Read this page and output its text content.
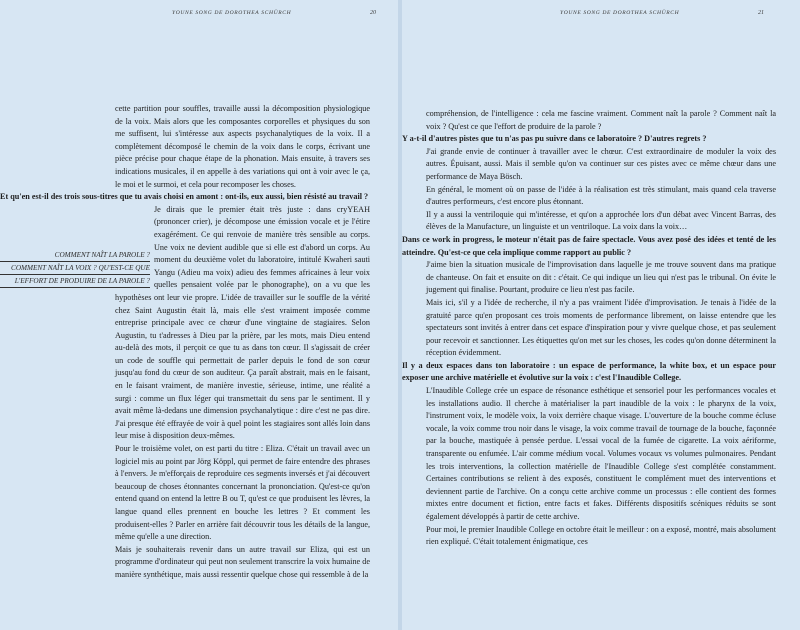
YOUNE SONG DE DOROTHEA SCHÜRCH	20

cette partition pour souffles, travaille aussi la décomposition physiologique de la voix. Mais alors que les composantes corporelles et physiques du son me suffisent, lui s'intéresse aux aspects psychanalytiques de la voix. Il a complètement décomposé le chemin de la voix dans le corps, écrivant une pièce précise pour chaque étape de la phonation. Mais ensuite, à travers ses indications musicales, il en appelle à des variations qui ont à voir avec le ça, le moi et le surmoi, et cela pour recomposer les choses.

Et qu'en est-il des trois sous-titres que tu avais choisi en amont : ont-ils, eux aussi, bien résisté au travail ?

COMMENT NAÎT LA PAROLE ?
COMMENT NAÎT LA VOIX ? QU'EST-CE QUE
L'EFFORT DE PRODUIRE DE LA PAROLE ?

Je dirais que le premier était très juste : dans cryYEAH (prononcer crier), je décompose une émission vocale et je l'étire exagérément. Ce qui renvoie de manière très sensible au corps. Une voix ne devient audible que si elle est d'abord un corps. Au moment du deuxième volet du laboratoire, intitulé Kwaheri sauti Yangu (Adieu ma voix) adieu des femmes africaines à leur voix quelles pensaient volée par le phonographe), on a vu que les hypothèses ont leur vie propre. L'idée de travailler sur le souffle de la vérité chez Saint Augustin était là, mais elle s'est vraiment imposée comme entreprise principale avec ce chœur d'une vingtaine de stagiaires. Selon Augustin, tu t'adresses à Dieu par la prière, par les mots, mais Dieu entend au-delà des mots, il perçoit ce que tu as dans ton cœur. Il s'agissait de créer un code de souffle qui permettait de parler depuis le fond de son cœur jusqu'au fond du cœur de son auditeur. Ça paraît abstrait, mais en le faisant, en le faisant vraiment, de manière investie, sérieuse, intime, une réalité a surgi : comme un flux léger qui transmettait du sens par le sentiment. Il y avait même là-dedans une dimension psychanalytique : dire c'est ne pas dire. J'ai presque été effrayée de voir à quel point les stagiaires sont allés loin dans leur mise à disposition deux-mêmes.

Pour le troisième volet, on est parti du titre : Eliza. C'était un travail avec un logiciel mis au point par Jörg Köppl, qui permet de faire entendre des phrases à l'envers. Je m'efforçais de reproduire ces segments inversés et j'ai découvert beaucoup de choses étonnantes concernant la prononciation. Qu'est-ce qu'on entend quand on entend la lettre B ou T, qu'est ce que produisent les lèvres, la langue quand elles prennent en bouche les lettres ? Et comment les produisent-elles ? Parler en arrière fait découvrir tous les détails de la langue, même qu'elle a une direction.

Mais je souhaiterais revenir dans un autre travail sur Eliza, qui est un programme d'ordinateur qui peut non seulement transcrire la voix humaine de manière synthétique, mais aussi ressentir quelque chose qui ressemble à de la

YOUNE SONG DE DOROTHEA SCHÜRCH	21

compréhension, de l'intelligence : cela me fascine vraiment. Comment naît la parole ? Comment naît la voix ? Qu'est ce que l'effort de produire de la parole ?

Y a-t-il d'autres pistes que tu n'as pas pu suivre dans ce laboratoire ? D'autres regrets ?

J'ai grande envie de continuer à travailler avec le chœur. C'est extraordinaire de moduler la voix des autres. Épuisant, aussi. Mais il semble qu'on va continuer sur ces pistes avec ce même chœur dans une performance de Maya Bösch.

En général, le moment où on passe de l'idée à la réalisation est très stimulant, mais quand cela traverse d'autres performeurs, c'est encore plus étonnant.

Il y a aussi la ventriloquie qui m'intéresse, et qu'on a approchée lors d'un débat avec Vincent Barras, des élèves de la Manufacture, un linguiste et un ventriloque. La voix dans la voix…

Dans ce work in progress, le moteur n'était pas de faire spectacle. Vous avez posé des idées et tenté de les atteindre. Qu'est-ce que cela implique comme rapport au public ?

J'aime bien la situation musicale de l'improvisation dans laquelle je me trouve souvent dans ma pratique de chanteuse. On fait et ensuite on dit : c'était. Ce qui indique un lieu qui n'est pas le tribunal. On évite le jugement qui finalise. Pourtant, produire ce lieu n'est pas facile.

Mais ici, s'il y a l'idée de recherche, il n'y a pas vraiment l'idée d'improvisation. Je tenais à l'idée de la gratuité parce qu'en proposant ces trois moments de performance librement, on laisse entendre que les spectateurs sont invités à entrer dans cet espace d'inspiration pour y vivre quelque chose, et pas seulement pour recevoir et sanctionner. Les étiquettes qu'on met sur les choses, les codes qu'on donne déterminent la réception évidemment.

Il y a deux espaces dans ton laboratoire : un espace de performance, la white box, et un espace pour exposer une archive matérielle et évolutive sur la voix : c'est l'Inaudible College.

L'Inaudible College crée un espace de résonance esthétique et sensoriel pour les performances vocales et les installations audio. Il cherche à matérialiser la part inaudible de la voix : le pharynx de la voix, l'instrument voix, le modèle voix, la voix derrière chaque visage. L'ouverture de la bouche comme écluse vocale, la voix comme trou noir dans le visage, la voix comme travail de tournage de la bouche, façonnée par la bouche, mastiquée à pensée perdue. L'essai vocal de la fumée de cigarette. La voix aériforme, transparente ou enfumée. L'air comme médium vocal. Volumes vocaux vs volumes pulmonaires. Pendant les trois interventions, la collection matérielle de l'Inaudible College s'est complétée constamment. Certaines contributions se relient à des exposés, constituent le complément muet des interventions et deviennent partie de l'archive. On a conçu cette archive comme un processus : elle contient des formes mixtes entre document et fiction, entre facts et fakes. Différents dispositifs scéniques réduits se sont également développés à partir de cette archive.

Pour moi, le premier Inaudible College en octobre était le meilleur : on a exposé, montré, mais absolument rien expliqué. C'était totalement énigmatique, ces
